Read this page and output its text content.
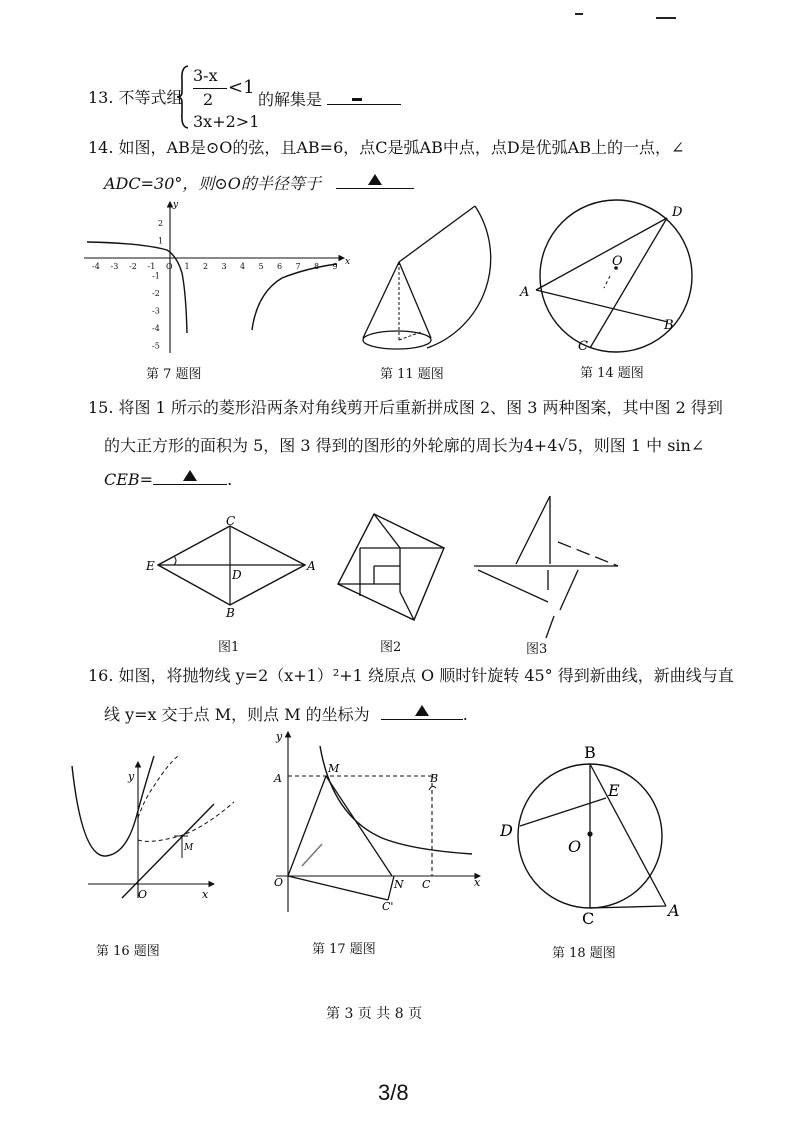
13. 不等式组
3-x
2
<1
3x+2>1
的解集是
14. 如图，AB是⊙O的弦，且AB=6，点C是弧AB中点，点D是优弧AB上的一点，∠
ADC=30°，则⊙O的半径等于
x
y
-4 -3 -2 -1 O 1 2 3 4 5 6 7 8 9
2
1
-1
-2
-3
-4
-5
第 7 题图	第 11 题图
D
O
A
B
C
第 14 题图
15. 将图 1 所示的菱形沿两条对角线剪开后重新拼成图 2、图 3 两种图案，其中图 2 得到
的大正方形的面积为 5，图 3 得到的图形的外轮廓的周长为4+4√5，则图 1 中 sin∠
CEB=	.
C
E
D
A
B
图1	图2	图3
16. 如图，将抛物线 y=2（x+1）²+1 绕原点 O 顺时针旋转 45° 得到新曲线，新曲线与直
线 y=x 交于点 M，则点 M 的坐标为	.
y
x
O
M
第 16 题图
y
x
A
M
B
O	N C
C'
第 17 题图
B
E
D
O
C	A
第 18 题图
第 3 页 共 8 页
3/8
